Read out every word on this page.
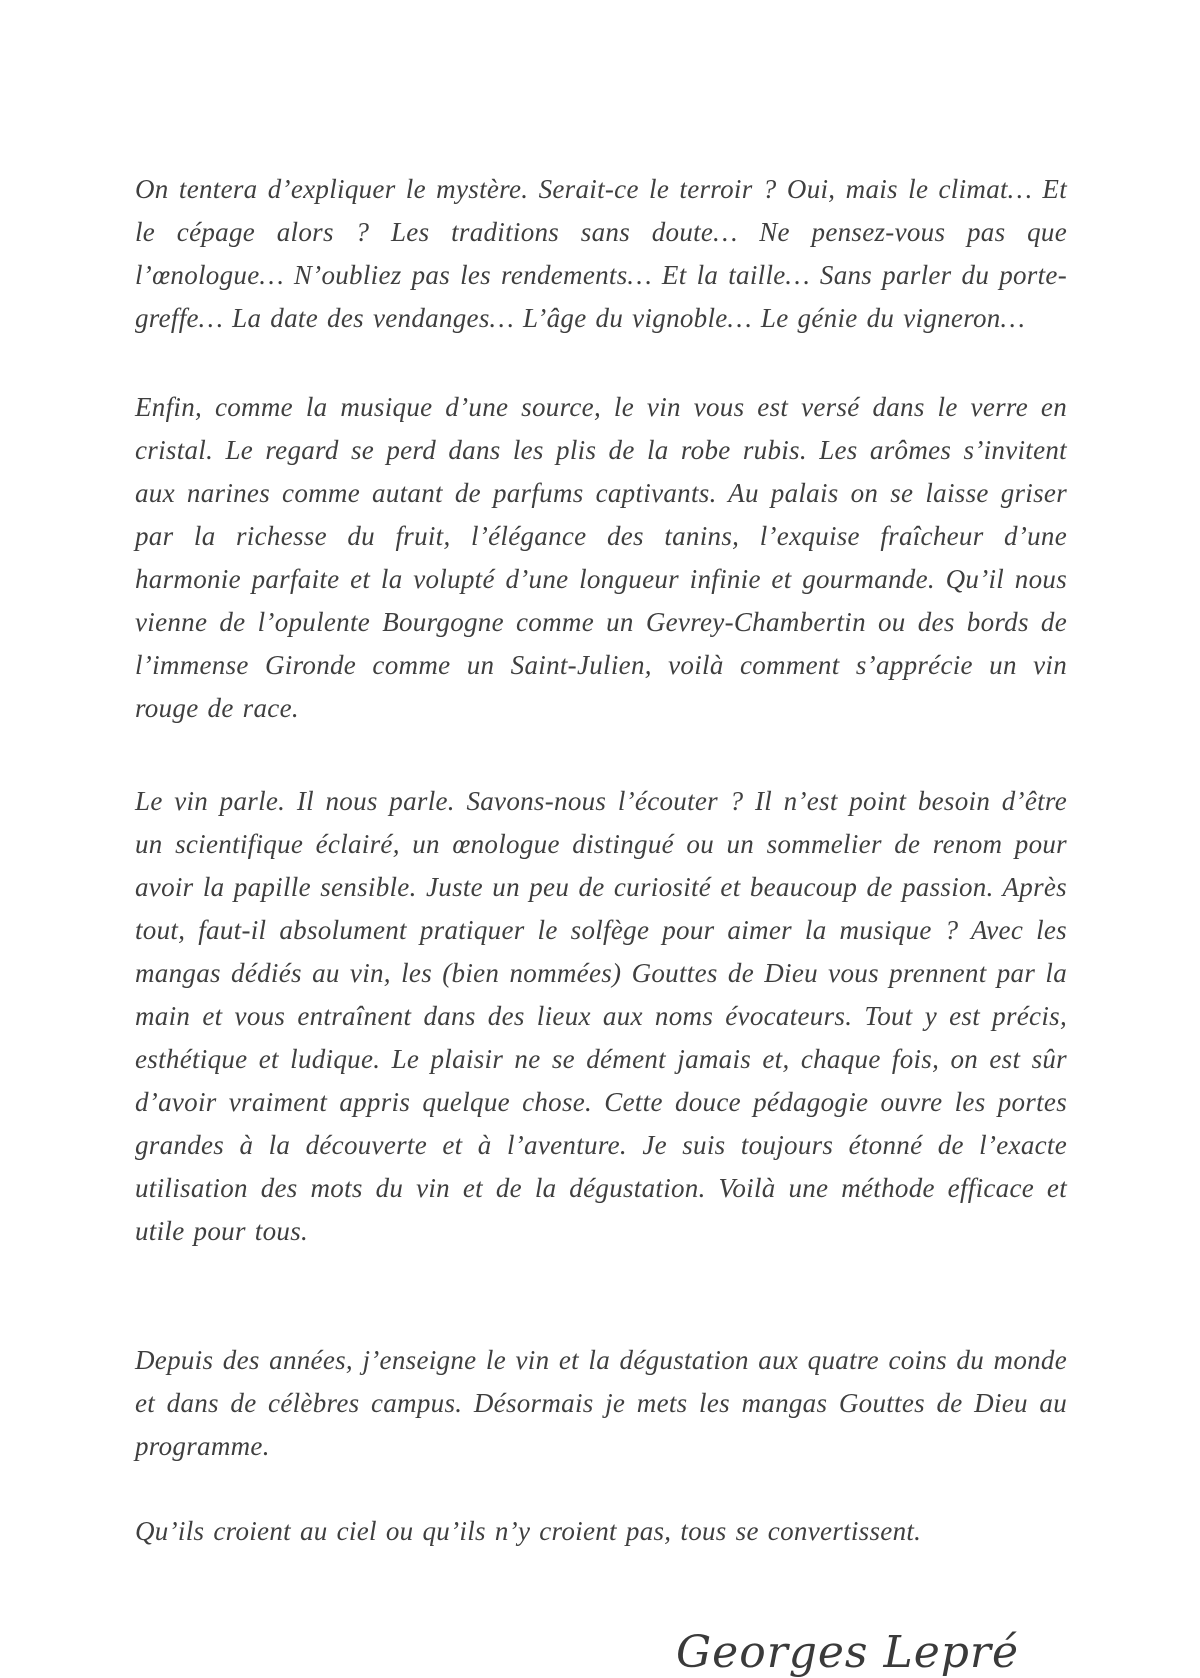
On tentera d’expliquer le mystère. Serait-ce le terroir ? Oui, mais le climat… Et le cépage alors ? Les traditions sans doute… Ne pensez-vous pas que l’œnologue… N’oubliez pas les rendements… Et la taille… Sans parler du porte-greffe… La date des vendanges… L’âge du vignoble… Le génie du vigneron…

Enfin, comme la musique d’une source, le vin vous est versé dans le verre en cristal. Le regard se perd dans les plis de la robe rubis. Les arômes s’invitent aux narines comme autant de parfums captivants. Au palais on se laisse griser par la richesse du fruit, l’élégance des tanins, l’exquise fraîcheur d’une harmonie parfaite et la volupté d’une longueur infinie et gourmande. Qu’il nous vienne de l’opulente Bourgogne comme un Gevrey-Chambertin ou des bords de l’immense Gironde comme un Saint-Julien, voilà comment s’apprécie un vin rouge de race.

Le vin parle. Il nous parle. Savons-nous l’écouter ? Il n’est point besoin d’être un scientifique éclairé, un œnologue distingué ou un sommelier de renom pour avoir la papille sensible. Juste un peu de curiosité et beaucoup de passion. Après tout, faut-il absolument pratiquer le solfège pour aimer la musique ? Avec les mangas dédiés au vin, les (bien nommées) Gouttes de Dieu vous prennent par la main et vous entraînent dans des lieux aux noms évocateurs. Tout y est précis, esthétique et ludique. Le plaisir ne se dément jamais et, chaque fois, on est sûr d’avoir vraiment appris quelque chose. Cette douce pédagogie ouvre les portes grandes à la découverte et à l’aventure. Je suis toujours étonné de l’exacte utilisation des mots du vin et de la dégustation. Voilà une méthode efficace et utile pour tous.

Depuis des années, j’enseigne le vin et la dégustation aux quatre coins du monde et dans de célèbres campus. Désormais je mets les mangas Gouttes de Dieu au programme.

Qu’ils croient au ciel ou qu’ils n’y croient pas, tous se convertissent.

Georges Lepré
